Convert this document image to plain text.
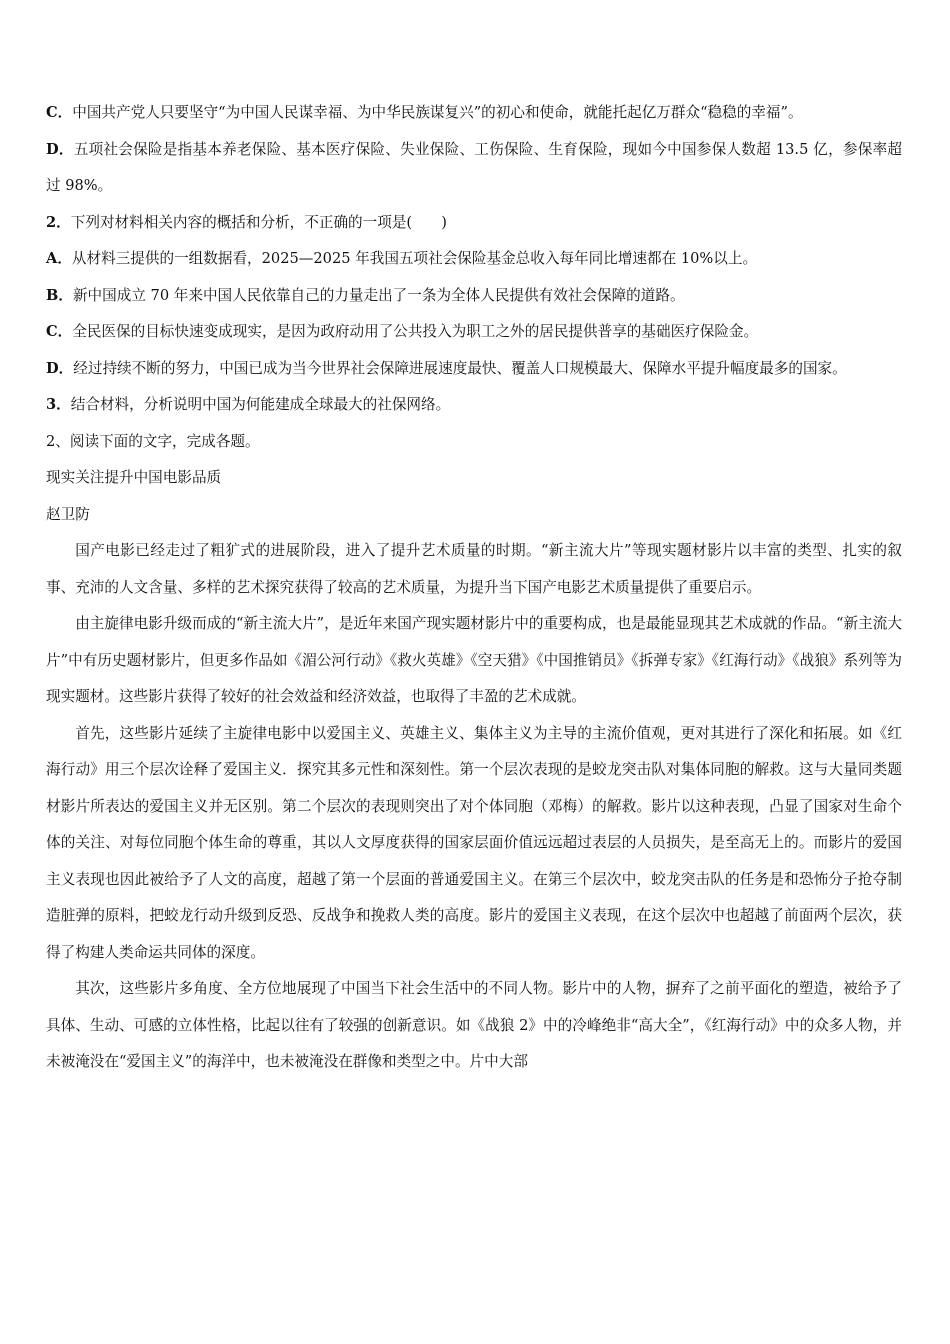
C．中国共产党人只要坚守“为中国人民谋幸福、为中华民族谋复兴”的初心和使命，就能托起亿万群众“稳稳的幸福”。

D．五项社会保险是指基本养老保险、基本医疗保险、失业保险、工伤保险、生育保险，现如今中国参保人数超 13.5 亿，参保率超过 98%。

2．下列对材料相关内容的概括和分析，不正确的一项是(　　)

A．从材料三提供的一组数据看，2025—2025 年我国五项社会保险基金总收入每年同比增速都在 10%以上。

B．新中国成立 70 年来中国人民依靠自己的力量走出了一条为全体人民提供有效社会保障的道路。

C．全民医保的目标快速变成现实，是因为政府动用了公共投入为职工之外的居民提供普享的基础医疗保险金。

D．经过持续不断的努力，中国已成为当今世界社会保障进展速度最快、覆盖人口规模最大、保障水平提升幅度最多的国家。

3．结合材料，分析说明中国为何能建成全球最大的社保网络。

2、阅读下面的文字，完成各题。

现实关注提升中国电影品质

赵卫防

国产电影已经走过了粗犷式的进展阶段，进入了提升艺术质量的时期。“新主流大片”等现实题材影片以丰富的类型、扎实的叙事、充沛的人文含量、多样的艺术探究获得了较高的艺术质量，为提升当下国产电影艺术质量提供了重要启示。

由主旋律电影升级而成的“新主流大片”，是近年来国产现实题材影片中的重要构成，也是最能显现其艺术成就的作品。“新主流大片”中有历史题材影片，但更多作品如《湄公河行动》《救火英雄》《空天猎》《中国推销员》《拆弹专家》《红海行动》《战狼》系列等为现实题材。这些影片获得了较好的社会效益和经济效益，也取得了丰盈的艺术成就。

首先，这些影片延续了主旋律电影中以爱国主义、英雄主义、集体主义为主导的主流价值观，更对其进行了深化和拓展。如《红海行动》用三个层次诠释了爱国主义．探究其多元性和深刻性。第一个层次表现的是蛟龙突击队对集体同胞的解救。这与大量同类题材影片所表达的爱国主义并无区别。第二个层次的表现则突出了对个体同胞（邓梅）的解救。影片以这种表现，凸显了国家对生命个体的关注、对每位同胞个体生命的尊重，其以人文厚度获得的国家层面价值远远超过表层的人员损失，是至高无上的。而影片的爱国主义表现也因此被给予了人文的高度，超越了第一个层面的普通爱国主义。在第三个层次中，蛟龙突击队的任务是和恐怖分子抢夺制造脏弹的原料，把蛟龙行动升级到反恐、反战争和挽救人类的高度。影片的爱国主义表现，在这个层次中也超越了前面两个层次，获得了构建人类命运共同体的深度。

其次，这些影片多角度、全方位地展现了中国当下社会生活中的不同人物。影片中的人物，摒弃了之前平面化的塑造，被给予了具体、生动、可感的立体性格，比起以往有了较强的创新意识。如《战狼 2》中的冷峰绝非“高大全”，《红海行动》中的众多人物，并未被淹没在“爱国主义”的海洋中，也未被淹没在群像和类型之中。片中大部
